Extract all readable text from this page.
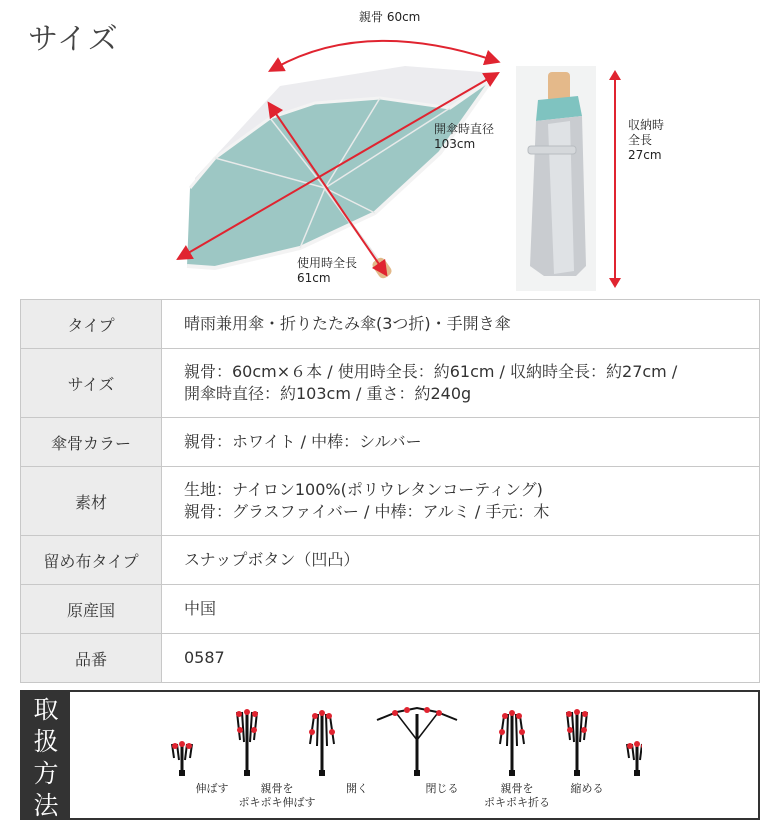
サイズ
親骨 60cm
開傘時直径
103cm
使用時全長
61cm
収納時
全長
27cm
タイプ	晴雨兼用傘・折りたたみ傘(3つ折)・手開き傘

サイズ	親骨：60cm×６本 / 使用時全長：約61cm / 収納時全長：約27cm /
開傘時直径：約103cm / 重さ：約240g

傘骨カラー	親骨：ホワイト / 中棒：シルバー

素材	生地：ナイロン100%(ポリウレタンコーティング)
親骨：グラスファイバー / 中棒：アルミ / 手元：木

留め布タイプ	スナップボタン（凹凸）

原産国	中国

品番	0587
取
扱
方
法
伸ばす	親骨を
ポキポキ伸ばす
開く	閉じる	親骨を
ポキポキ折る
縮める
